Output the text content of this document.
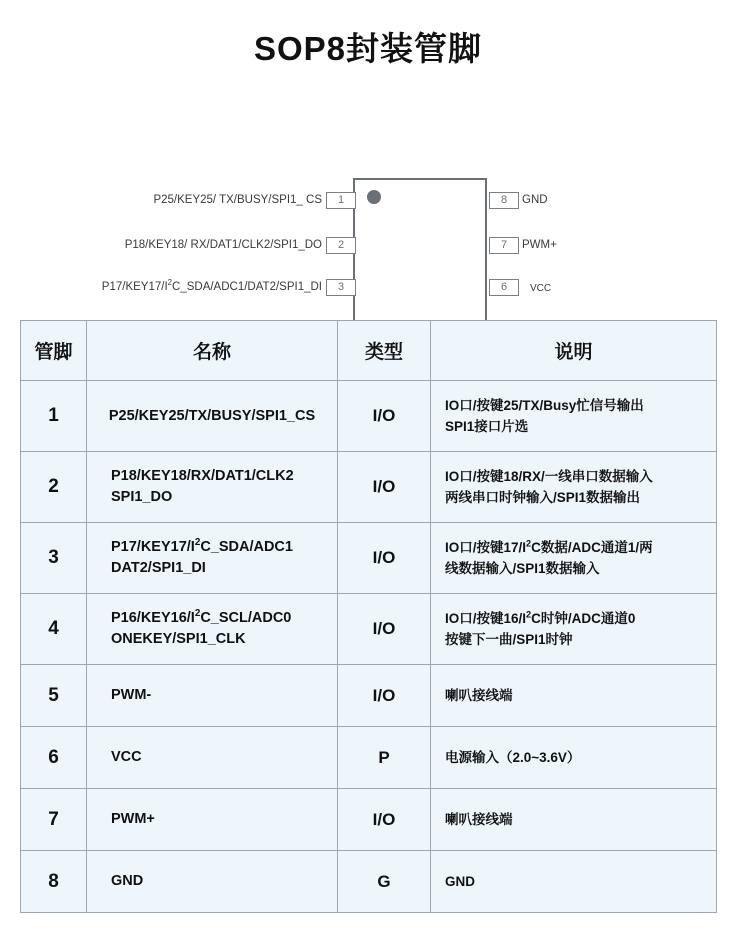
SOP8封装管脚
1
2
3
8
7
6
P25/KEY25/ TX/BUSY/SPI1_ CS
P18/KEY18/ RX/DAT1/CLK2/SPI1_DO
$P17/KEY17/I^2C\_SDA/ADC1/DAT2/SPI1\_DI$
GND
PWM+
VCC
管脚	名称	类型	说明
1	P25/KEY25/TX/BUSY/SPI1_CS	I/O	IO口/按键25/TX/Busy忙信号输出
SPI1接口片选
2	P18/KEY18/RX/DAT1/CLK2
SPI1_DO	I/O	IO口/按键18/RX/一线串口数据输入
两线串口时钟输入/SPI1数据输出
3	$P17/KEY17/I^2C\_SDA/ADC1$
DAT2/SPI1_DI	I/O	IO口/按键$17/I^2C$数据/ADC通道1/两
线数据输入/SPI1数据输入
4	$P16/KEY16/I^2C\_SCL/ADC0$
ONEKEY/SPI1_CLK	I/O	IO口/按键$16/I^2C$时钟/ADC通道0
按键下一曲/SPI1时钟
5	PWM-	I/O	喇叭接线端
6	VCC	P	电源输入（2.0~3.6V）
7	PWM+	I/O	喇叭接线端
8	GND	G	GND
